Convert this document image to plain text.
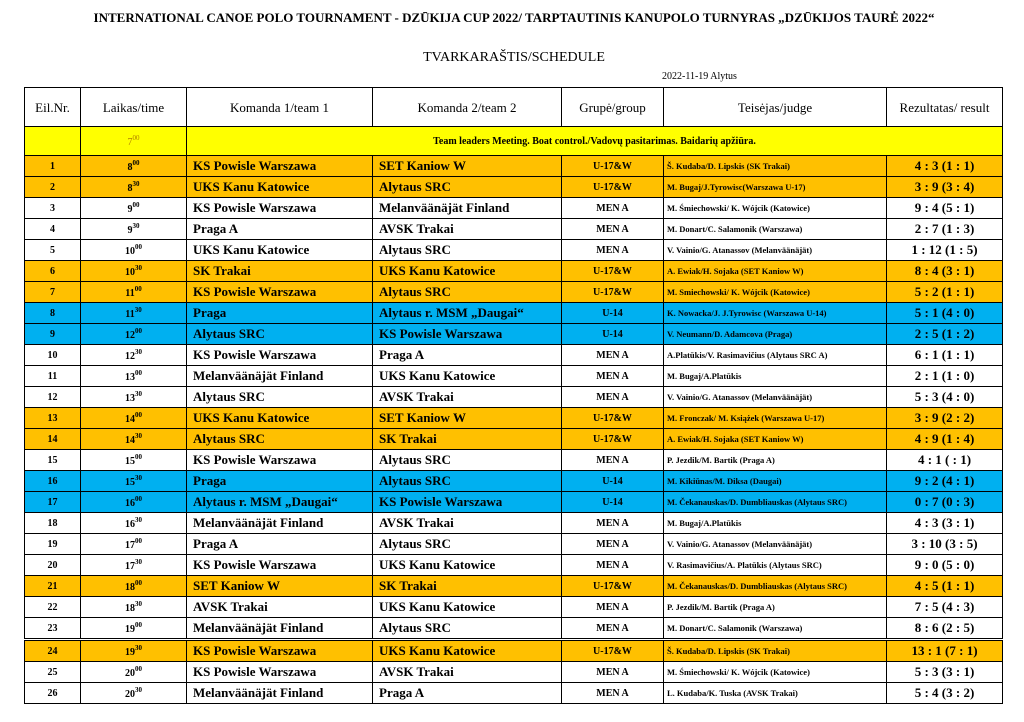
INTERNATIONAL CANOE POLO TOURNAMENT - DZŪKIJA CUP 2022/ TARPTAUTINIS KANUPOLO TURNYRAS „DZŪKIJOS TAURĖ 2022“
TVARKARAŠTIS/SCHEDULE
2022-11-19 Alytus
Eil.Nr.	Laikas/time	Komanda 1/team 1	Komanda 2/team 2	Grupė/group	Teisėjas/judge	Rezultatas/ result
	$7^{00}$	Team leaders Meeting. Boat control./Vadovų pasitarimas. Baidarių apžiūra.				
1	$8^{00}$	KS Powisle Warszawa	SET Kaniow W	U-17&W	Š. Kudaba/D. Lipskis (SK Trakai)	4 : 3 (1 : 1)
2	$8^{30}$	UKS Kanu Katowice	Alytaus SRC	U-17&W	M. Bugaj/J.Tyrowisc(Warszawa U-17)	3 : 9 (3 : 4)
3	$9^{00}$	KS Powisle Warszawa	Melanväänäjät Finland	MEN A	M. Śmiechowski/ K. Wójcik (Katowice)	9 : 4 (5 : 1)
4	$9^{30}$	Praga A	AVSK Trakai	MEN A	M. Donart/C. Salamonik (Warszawa)	2 : 7 (1 : 3)
5	$10^{00}$	UKS Kanu Katowice	Alytaus SRC	MEN A	V. Vainio/G. Atanassov (Melanväänäjät)	1 : 12 (1 : 5)
6	$10^{30}$	SK Trakai	UKS Kanu Katowice	U-17&W	A. Ewiak/H. Sojaka (SET Kaniow W)	8 : 4 (3 : 1)
7	$11^{00}$	KS Powisle Warszawa	Alytaus SRC	U-17&W	M. Smiechowski/ K. Wójcik (Katowice)	5 : 2 (1 : 1)
8	$11^{30}$	Praga	Alytaus r. MSM „Daugai“	U-14	K. Nowacka/J. J.Tyrowisc (Warszawa U-14)	5 : 1 (4 : 0)
9	$12^{00}$	Alytaus SRC	KS Powisle Warszawa	U-14	V. Neumann/D. Adamcova (Praga)	2 : 5 (1 : 2)
10	$12^{30}$	KS Powisle Warszawa	Praga A	MEN A	A.Platūkis/V. Rasimavičius (Alytaus SRC A)	6 : 1 (1 : 1)
11	$13^{00}$	Melanväänäjät Finland	UKS Kanu Katowice	MEN A	M. Bugaj/A.Platūkis	2 : 1 (1 : 0)
12	$13^{30}$	Alytaus SRC	AVSK Trakai	MEN A	V. Vainio/G. Atanassov (Melanväänäjät)	5 : 3 (4 : 0)
13	$14^{00}$	UKS Kanu Katowice	SET Kaniow W	U-17&W	M. Fronczak/ M. Książek (Warszawa U-17)	3 : 9 (2 : 2)
14	$14^{30}$	Alytaus SRC	SK Trakai	U-17&W	A. Ewiak/H. Sojaka (SET Kaniow W)	4 : 9 (1 : 4)
15	$15^{00}$	KS Powisle Warszawa	Alytaus SRC	MEN A	P. Jezdik/M. Bartik (Praga A)	4 : 1 ( : 1)
16	$15^{30}$	Praga	Alytaus SRC	U-14	M. Kikiūnas/M. Diksa (Daugai)	9 : 2 (4 : 1)
17	$16^{00}$	Alytaus r. MSM „Daugai“	KS Powisle Warszawa	U-14	M. Čekanauskas/D. Dumbliauskas (Alytaus SRC)	0 : 7 (0 : 3)
18	$16^{30}$	Melanväänäjät Finland	AVSK Trakai	MEN A	M. Bugaj/A.Platūkis	4 : 3 (3 : 1)
19	$17^{00}$	Praga A	Alytaus SRC	MEN A	V. Vainio/G. Atanassov (Melanväänäjät)	3 : 10 (3 : 5)
20	$17^{30}$	KS Powisle Warszawa	UKS Kanu Katowice	MEN A	V. Rasimavičius/A. Platūkis (Alytaus SRC)	9 : 0 (5 : 0)
21	$18^{00}$	SET Kaniow W	SK Trakai	U-17&W	M. Čekanauskas/D. Dumbliauskas (Alytaus SRC)	4 : 5 (1 : 1)
22	$18^{30}$	AVSK Trakai	UKS Kanu Katowice	MEN A	P. Jezdik/M. Bartik (Praga A)	7 : 5 (4 : 3)
23	$19^{00}$	Melanväänäjät Finland	Alytaus SRC	MEN A	M. Donart/C. Salamonik (Warszawa)	8 : 6 (2 : 5)
24	$19^{30}$	KS Powisle Warszawa	UKS Kanu Katowice	U-17&W	Š. Kudaba/D. Lipskis (SK Trakai)	13 : 1 (7 : 1)
25	$20^{00}$	KS Powisle Warszawa	AVSK Trakai	MEN A	M. Śmiechowski/ K. Wójcik (Katowice)	5 : 3 (3 : 1)
26	$20^{30}$	Melanväänäjät Finland	Praga A	MEN A	L. Kudaba/K. Tuska (AVSK Trakai)	5 : 4 (3 : 2)
